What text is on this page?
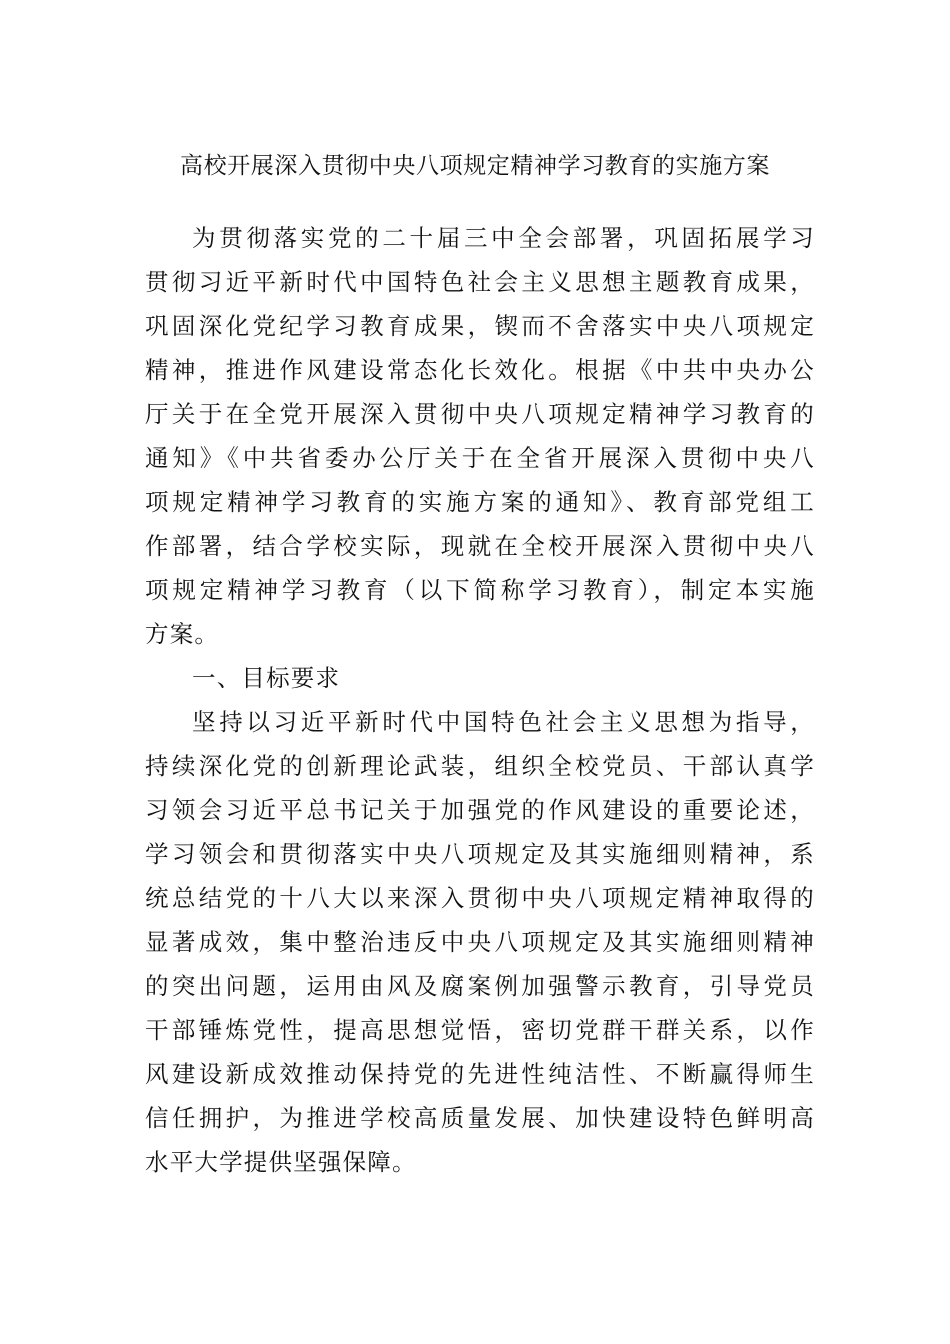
高校开展深入贯彻中央八项规定精神学习教育的实施方案
为贯彻落实党的二十届三中全会部署，巩固拓展学习
贯彻习近平新时代中国特色社会主义思想主题教育成果，
巩固深化党纪学习教育成果，锲而不舍落实中央八项规定
精神，推进作风建设常态化长效化。根据《中共中央办公
厅关于在全党开展深入贯彻中央八项规定精神学习教育的
通知》《中共省委办公厅关于在全省开展深入贯彻中央八
项规定精神学习教育的实施方案的通知》、教育部党组工
作部署，结合学校实际，现就在全校开展深入贯彻中央八
项规定精神学习教育（以下简称学习教育），制定本实施
方案。
一、目标要求
坚持以习近平新时代中国特色社会主义思想为指导，
持续深化党的创新理论武装，组织全校党员、干部认真学
习领会习近平总书记关于加强党的作风建设的重要论述，
学习领会和贯彻落实中央八项规定及其实施细则精神，系
统总结党的十八大以来深入贯彻中央八项规定精神取得的
显著成效，集中整治违反中央八项规定及其实施细则精神
的突出问题，运用由风及腐案例加强警示教育，引导党员
干部锤炼党性，提高思想觉悟，密切党群干群关系，以作
风建设新成效推动保持党的先进性纯洁性、不断赢得师生
信任拥护，为推进学校高质量发展、加快建设特色鲜明高
水平大学提供坚强保障。
